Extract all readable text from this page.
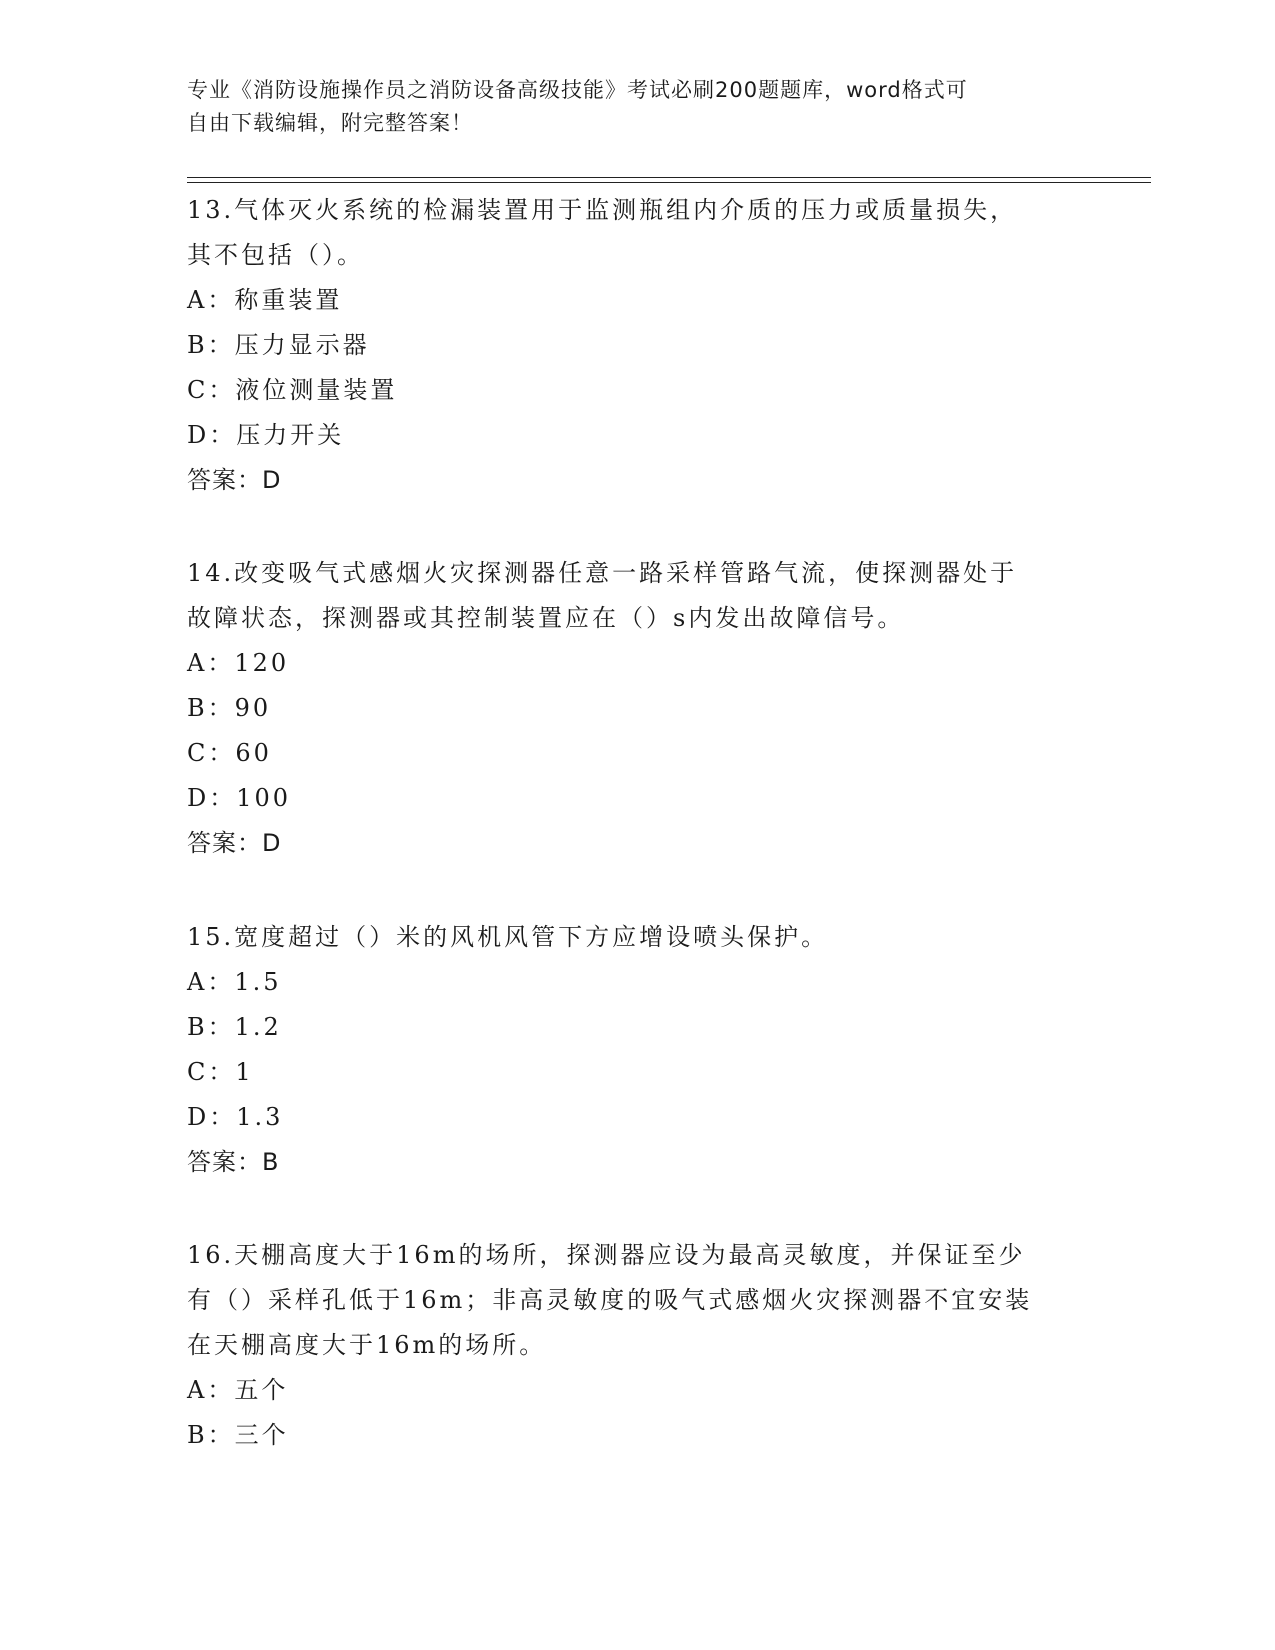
专业《消防设施操作员之消防设备高级技能》考试必刷200题题库，word格式可
自由下载编辑，附完整答案！

13.气体灭火系统的检漏装置用于监测瓶组内介质的压力或质量损失，

其不包括（）。

A：称重装置

B：压力显示器

C：液位测量装置

D：压力开关

答案：D

14.改变吸气式感烟火灾探测器任意一路采样管路气流，使探测器处于

故障状态，探测器或其控制装置应在（）s内发出故障信号。

A：120

B：90

C：60

D：100

答案：D

15.宽度超过（）米的风机风管下方应增设喷头保护。

A：1.5

B：1.2

C：1

D：1.3

答案：B

16.天棚高度大于16m的场所，探测器应设为最高灵敏度，并保证至少

有（）采样孔低于16m；非高灵敏度的吸气式感烟火灾探测器不宜安装

在天棚高度大于16m的场所。

A：五个

B：三个
